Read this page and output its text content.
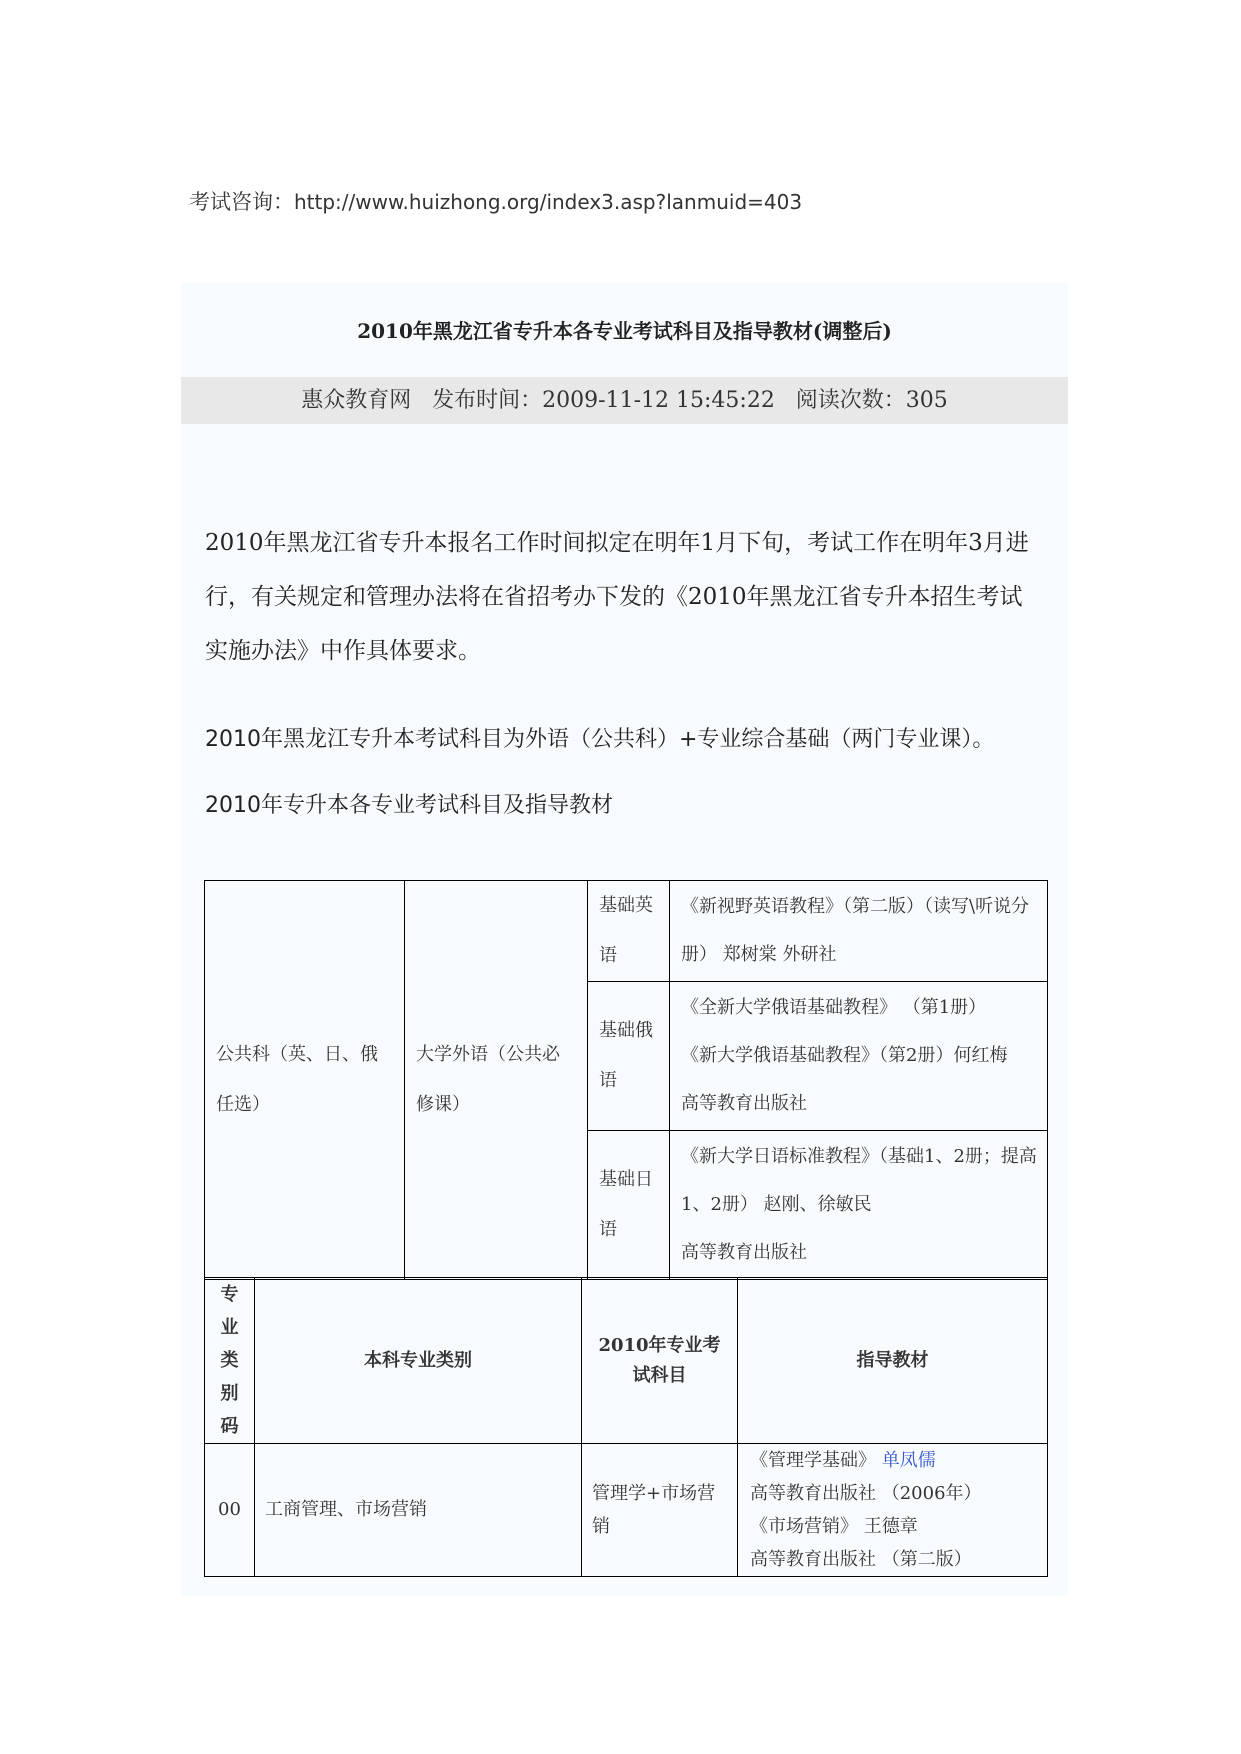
考试咨询：http://www.huizhong.org/index3.asp?lanmuid=403
2010年黑龙江省专升本各专业考试科目及指导教材(调整后)
惠众教育网   发布时间：2009-11-12 15:45:22   阅读次数：305
2010年黑龙江省专升本报名工作时间拟定在明年1月下旬，考试工作在明年3月进行，有关规定和管理办法将在省招考办下发的《2010年黑龙江省专升本招生考试实施办法》中作具体要求。
2010年黑龙江专升本考试科目为外语（公共科）+专业综合基础（两门专业课）。
2010年专升本各专业考试科目及指导教材
公共科（英、日、俄任选）	大学外语（公共必修课）	基础英语	《新视野英语教程》（第二版）（读写\听说分册） 郑树棠 外研社
		基础俄语	《全新大学俄语基础教程》 （第1册）
《新大学俄语基础教程》（第2册）何红梅
高等教育出版社

		基础日语	《新大学日语标准教程》（基础1、2册；提高1、2册） 赵刚、徐敏民
高等教育出版社
专业类别码	本科专业类别	2010年专业考试科目	指导教材
00	工商管理、市场营销	管理学+市场营销	《管理学基础》 单凤儒
高等教育出版社 （2006年）
《市场营销》 王德章
高等教育出版社 （第二版）
